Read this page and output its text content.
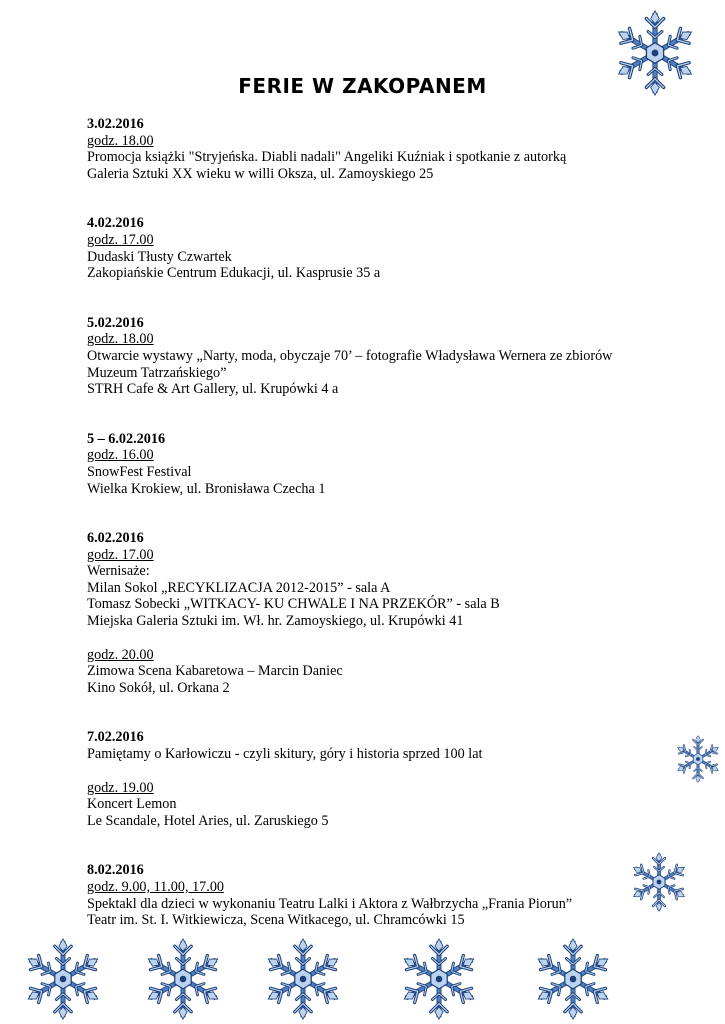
FERIE W ZAKOPANEM
3.02.2016
godz. 18.00
Promocja książki "Stryjeńska. Diabli nadali" Angeliki Kuźniak i spotkanie z autorką
Galeria Sztuki XX wieku w willi Oksza, ul. Zamoyskiego 25
4.02.2016
godz. 17.00
Dudaski Tłusty Czwartek
Zakopiańskie Centrum Edukacji, ul. Kasprusie 35 a
5.02.2016
godz. 18.00
Otwarcie wystawy „Narty, moda, obyczaje 70’ – fotografie Władysława Wernera ze zbiorów
Muzeum Tatrzańskiego”
STRH Cafe & Art Gallery, ul. Krupówki 4 a
5 – 6.02.2016
godz. 16.00
SnowFest Festival
Wielka Krokiew, ul. Bronisława Czecha 1
6.02.2016
godz. 17.00
Wernisaże:
Milan Sokol „RECYKLIZACJA 2012-2015” - sala A
Tomasz Sobecki „WITKACY- KU CHWALE I NA PRZEKÓR” - sala B
Miejska Galeria Sztuki im. Wł. hr. Zamoyskiego, ul. Krupówki 41
godz. 20.00
Zimowa Scena Kabaretowa – Marcin Daniec
Kino Sokół, ul. Orkana 2
7.02.2016
Pamiętamy o Karłowiczu - czyli skitury, góry i historia sprzed 100 lat
godz. 19.00
Koncert Lemon
Le Scandale, Hotel Aries, ul. Zaruskiego 5
8.02.2016
godz. 9.00, 11.00, 17.00
Spektakl dla dzieci w wykonaniu Teatru Lalki i Aktora z Wałbrzycha „Frania Piorun”
Teatr im. St. I. Witkiewicza, Scena Witkacego, ul. Chramcówki 15
